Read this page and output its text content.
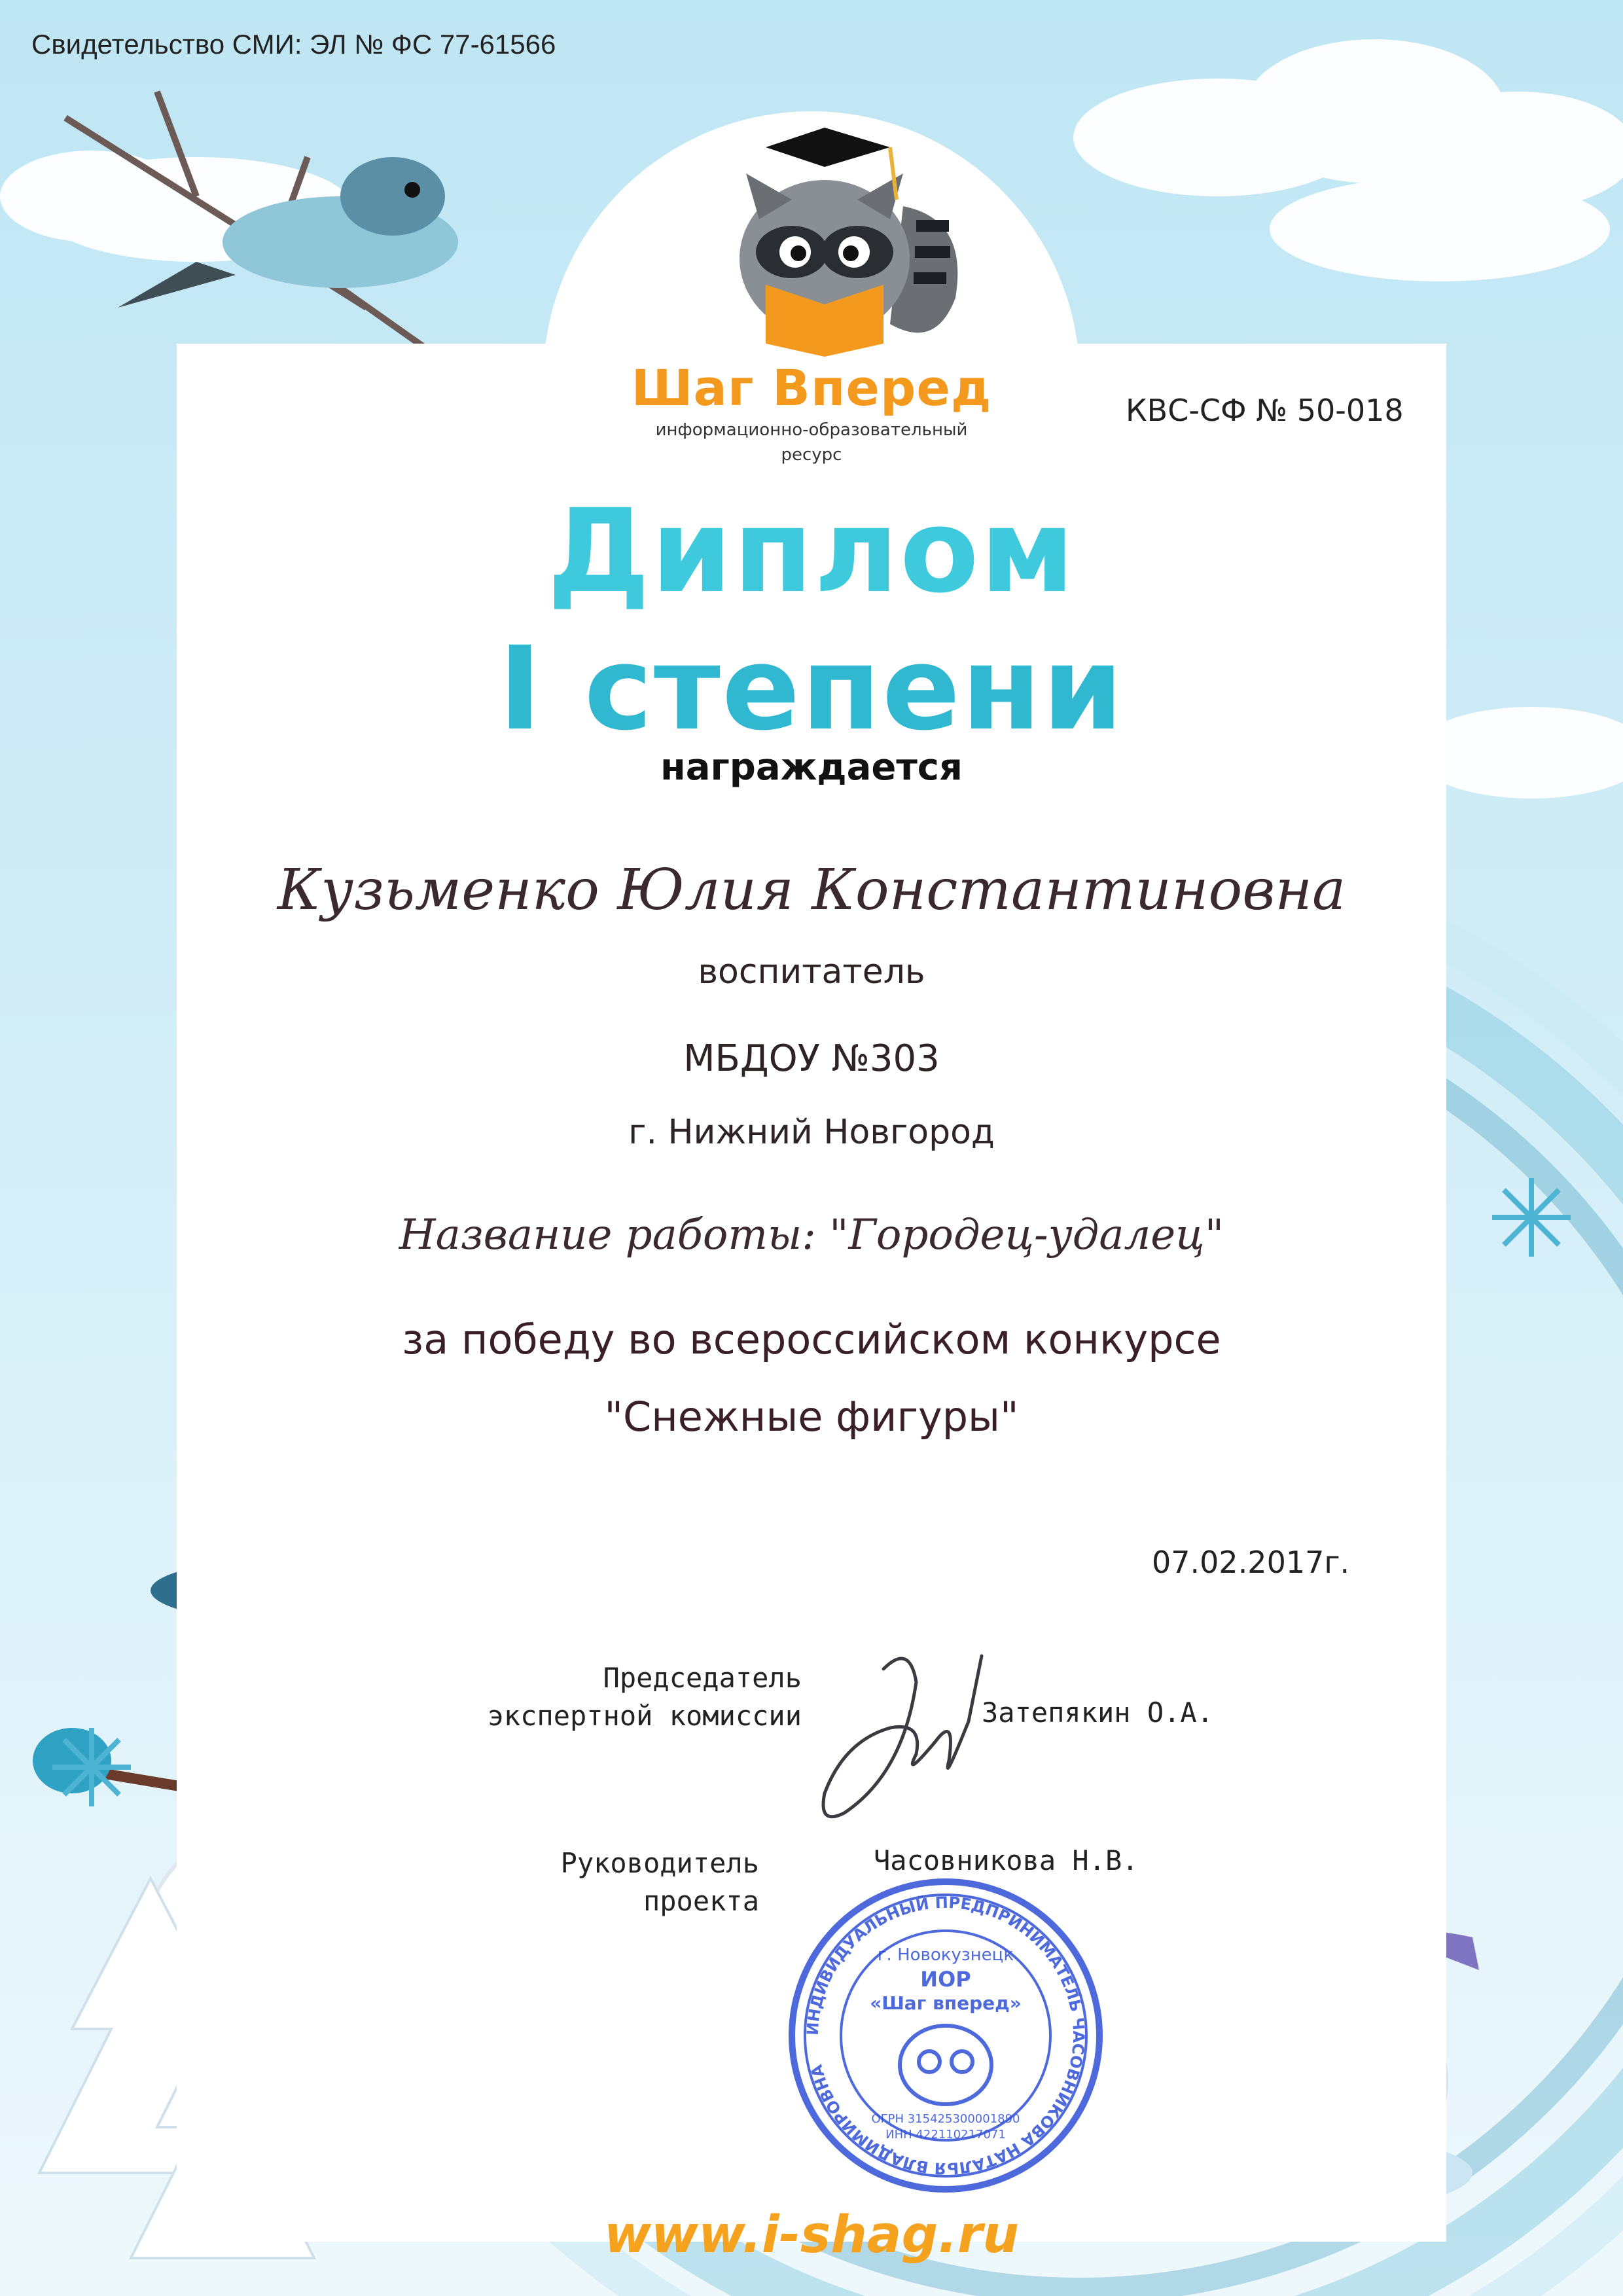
Свидетельство СМИ: ЭЛ № ФС 77-61566
Шаг Вперед
информационно-образовательный
ресурс
КВС-СФ № 50-018
Диплом
I степени
награждается
Кузьменко Юлия Константиновна
воспитатель
МБДОУ №303
г. Нижний Новгород
Название работы: "Городец-удалец"
за победу во всероссийском конкурсе
"Снежные фигуры"
07.02.2017г.
Председатель
экспертной комиссии	Затепякин О.А.
Руководитель
проекта
Часовникова Н.В.
ИНДИВИДУАЛЬНЫЙ ПРЕДПРИНИМАТЕЛЬ ЧАСОВНИКОВА НАТАЛЬЯ ВЛАДИМИРОВНА
г. Новокузнецк
ИОР
«Шаг вперед»
ОГРН 315425300001890
ИНН 422110217071
www.i-shag.ru
